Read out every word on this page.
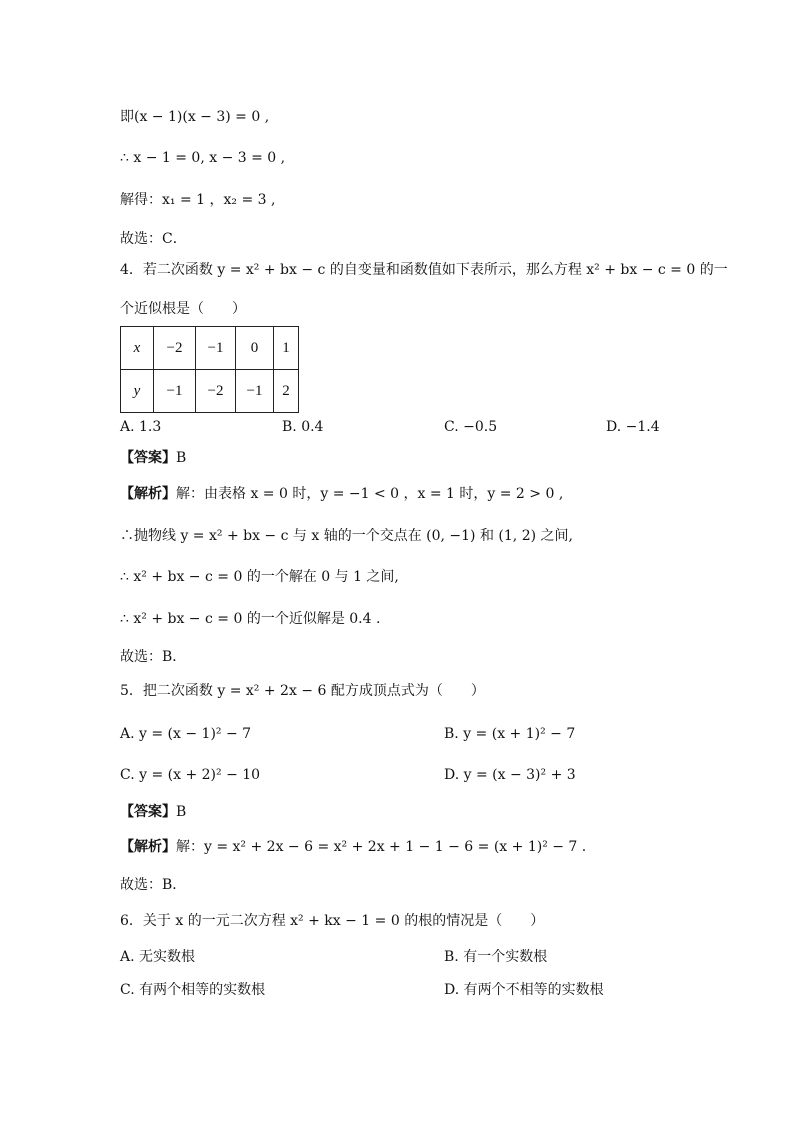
即(x − 1)(x − 3) = 0 ,
∴ x − 1 = 0, x − 3 = 0 ,
解得：x₁ = 1 ，x₂ = 3 ,
故选：C．
4．若二次函数 y = x² + bx − c 的自变量和函数值如下表所示，那么方程 x² + bx − c = 0 的一
个近似根是（　　）
x	−2	−1	0	1
y	−1	−2	−1	2
A. 1.3	B. 0.4	C. −0.5	D. −1.4
【答案】B
【解析】解：由表格 x = 0 时，y = −1 < 0 ，x = 1 时，y = 2 > 0 ,
∴抛物线 y = x² + bx − c 与 x 轴的一个交点在 (0, −1) 和 (1, 2) 之间,
∴ x² + bx − c = 0 的一个解在 0 与 1 之间,
∴ x² + bx − c = 0 的一个近似解是 0.4 .
故选：B．
5．把二次函数 y = x² + 2x − 6 配方成顶点式为（　　）
A. y = (x − 1)² − 7	B. y = (x + 1)² − 7
C. y = (x + 2)² − 10	D. y = (x − 3)² + 3
【答案】B
【解析】解：y = x² + 2x − 6 = x² + 2x + 1 − 1 − 6 = (x + 1)² − 7 .
故选：B．
6．关于 x 的一元二次方程 x² + kx − 1 = 0 的根的情况是（　　）
A. 无实数根	B. 有一个实数根
C. 有两个相等的实数根	D. 有两个不相等的实数根
